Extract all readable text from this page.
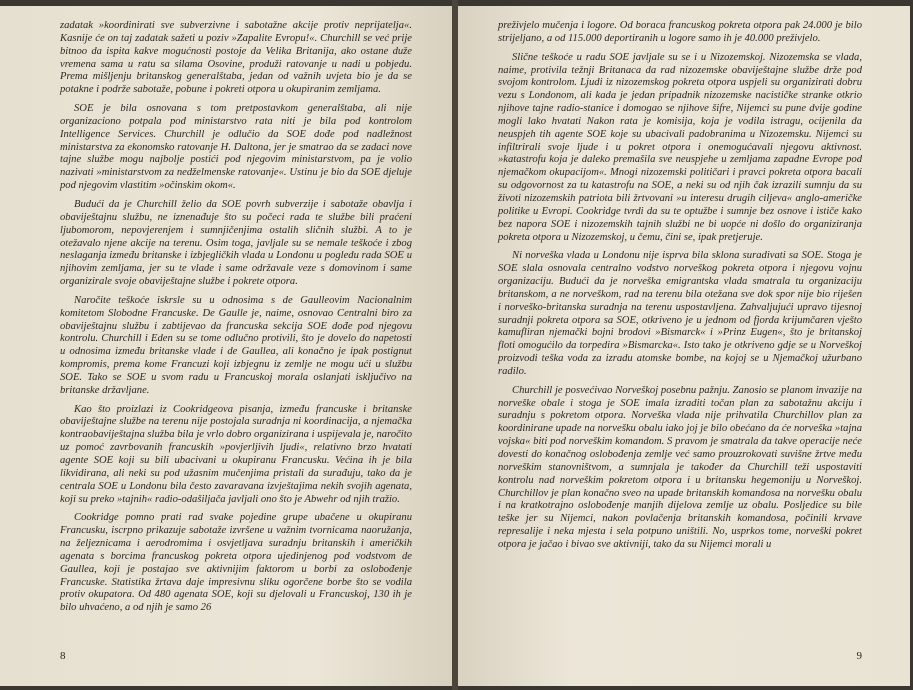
zadatak »koordinirati sve subverzivne i sabotažne akcije protiv neprijatelja«. Kasnije će on taj zadatak sažeti u poziv »Zapalite Evropu!«. Churchill se već prije bitnoo da ispita kakve mogućnosti postoje da Velika Britanija, ako ostane duže vremena sama u ratu sa silama Osovine, produži ratovanje u nadi u pobjedu. Prema mišljenju britanskog generalštaba, jedan od važnih uvjeta bio je da se potakne i podrže sabotaže, pobune i pokreti otpora u okupiranim zemljama.

SOE je bila osnovana s tom pretpostavkom generalštaba, ali nije organizaciono potpala pod ministarstvo rata niti je bila pod kontrolom Intelligence Services. Churchill je odlučio da SOE dođe pod nadležnost ministarstva za ekonomsko ratovanje H. Daltona, jer je smatrao da se zadaci nove tajne službe mogu najbolje postići pod njegovim ministarstvom, pa je volio nazivati »ministarstvom za nedželmenske ratovanje«. Ustinu je bio da SOE djeluje pod njegovim vlastitim »očinskim okom«.

Budući da je Churchill želio da SOE povrh subverzije i sabotaže obavlja i obaviještajnu službu, ne iznenađuje što su počeci rada te službe bili praćeni ljubomorom, nepovjerenjem i sumnjičenjima ostalih sličnih službi. A to je otežavalo njene akcije na terenu. Osim toga, javljale su se nemale teškoće i zbog neslaganja između britanske i izbjegličkih vlada u Londonu u pogledu rada SOE u njihovim zemljama, jer su te vlade i same održavale veze s domovinom i same organizirale svoje obaviještajne službe i pokrete otpora.

Naročite teškoće iskrsle su u odnosima s de Gaulleovim Nacionalnim komitetom Slobodne Francuske. De Gaulle je, naime, osnovao Centralni biro za obaviještajnu službu i zabtijevao da francuska sekcija SOE dođe pod njegovu kontrolu. Churchill i Eden su se tome odlučno protivili, što je dovelo do napetosti u odnosima između britanske vlade i de Gaullea, ali konačno je ipak postignut kompromis, prema kome Francuzi koji izbjegnu iz zemlje ne mogu ući u službu SOE. Tako se SOE u svom radu u Francuskoj morala oslanjati isključivo na britanske državljane.

Kao što proizlazi iz Cookridgeova pisanja, između francuske i britanske obaviještajne službe na terenu nije postojala suradnja ni koordinacija, a njemačka kontraobaviještajna služba bila je vrlo dobro organizirana i uspijevala je, naročito uz pomoć zavrbovanih francuskih »povjerljivih ljudi«, relativno brzo hvatati agente SOE koji su bili ubacivani u okupiranu Francusku. Većina ih je bila likvidirana, ali neki su pod užasnim mučenjima pristali da surađuju, tako da je centrala SOE u Londonu bila često zavaravana izvještajima nekih svojih agenata, koji su preko »tajnih« radio-odašiljača javljali ono što je Abwehr od njih tražio.

Cookridge pomno prati rad svake pojedine grupe ubačene u okupiranu Francusku, iscrpno prikazuje sabotaže izvršene u važnim tvornicama naoružanja, na željeznicama i aerodromima i osvjetljava suradnju britanskih i američkih agenata s borcima francuskog pokreta otpora ujedinjenog pod vodstvom de Gaullea, koji je postajao sve aktivnijim faktorom u borbi za oslobođenje Francuske. Statistika žrtava daje impresivnu sliku ogorčene borbe što se vodila protiv okupatora. Od 480 agenata SOE, koji su djelovali u Francuskoj, 130 ih je bilo uhvaćeno, a od njih je samo 26

8

preživjelo mučenja i logore. Od boraca francuskog pokreta otpora pak 24.000 je bilo strijeljano, a od 115.000 deportiranih u logore samo ih je 40.000 preživjelo.

Slične teškoće u radu SOE javljale su se i u Nizozemskoj. Nizozemska se vlada, naime, protivila težnji Britanaca da rad nizozemske obaviještajne službe drže pod svojom kontrolom. Ljudi iz nizozemskog pokreta otpora uspjeli su organizirati dobru vezu s Londonom, ali kada je jedan pripadnik nizozemske nacističke stranke otkrio njihove tajne radio-stanice i domogao se njihove šifre, Nijemci su pune dvije godine mogli lako hvatati Nakon rata je komisija, koja je vodila istragu, ocijenila da neuspjeh tih agente SOE koje su ubacivali padobranima u Nizozemsku. Nijemci su infiltrirali svoje ljude i u pokret otpora i onemogućavali njegovu aktivnost. »katastrofu koja je daleko premašila sve neuspjehe u zemljama zapadne Evrope pod njemačkom okupacijom«. Mnogi nizozemski političari i pravci pokreta otpora bacali su odgovornost za tu katastrofu na SOE, a neki su od njih čak izrazili sumnju da su životi nizozemskih patriota bili žrtvovani »u interesu drugih ciljeva« anglo-američke politike u Evropi. Cookridge tvrdi da su te optužbe i sumnje bez osnove i ističe kako bez napora SOE i nizozemskih tajnih službi ne bi uopće ni došlo do organiziranja pokreta otpora u Nizozemskoj, u čemu, čini se, ipak pretjeruje.

Ni norveška vlada u Londonu nije isprva bila sklona suradivati sa SOE. Stoga je SOE slala osnovala centralno vodstvo norveškog pokreta otpora i njegovu vojnu organizaciju. Budući da je norveška emigrantska vlada smatrala tu organizaciju britanskom, a ne norveškom, rad na terenu bila otežana sve dok spor nije bio riješen i norveško-britanska suradnja na terenu uspostavljena. Zahvaljujući upravo tijesnoj suradnji pokreta otpora sa SOE, otkriveno je u jednom od fjorda krijumčaren vješto kamufliran njemački bojni brodovi »Bismarck« i »Prinz Eugen«, što je britanskoj floti omogućilo da torpedira »Bismarcka«. Isto tako je otkriveno gdje se u Norveškoj proizvodi teška voda za izradu atomske bombe, na kojoj se u Njemačkoj užurbano radilo.

Churchill je posvećivao Norveškoj posebnu pažnju. Zanosio se planom invazije na norveške obale i stoga je SOE imala izraditi točan plan za sabotažnu akciju i suradnju s pokretom otpora. Norveška vlada nije prihvatila Churchillov plan za koordinirane upade na norvešku obalu iako joj je bilo obećano da će norveška »tajna vojska« biti pod norveškim komandom. S pravom je smatrala da takve operacije neće dovesti do konačnog oslobođenja zemlje već samo prouzrokovati suvišne žrtve među norveškim stanovništvom, a sumnjala je također da Churchill teži uspostaviti kontrolu nad norveškim pokretom otpora i u britansku hegemoniju u Norveškoj. Churchillov je plan konačno sveo na upade britanskih komandosa na norvešku obalu i na kratkotrajno oslobođenje manjih dijelova zemlje uz obalu. Posljedice su bile teške jer su Nijemci, nakon povlačenja britanskih komandosa, počinili krvave represalije i neka mjesta i sela potpuno uništili. No, usprkos tome, norveški pokret otpora je jačao i bivao sve aktivniji, tako da su Nijemci morali u

9
